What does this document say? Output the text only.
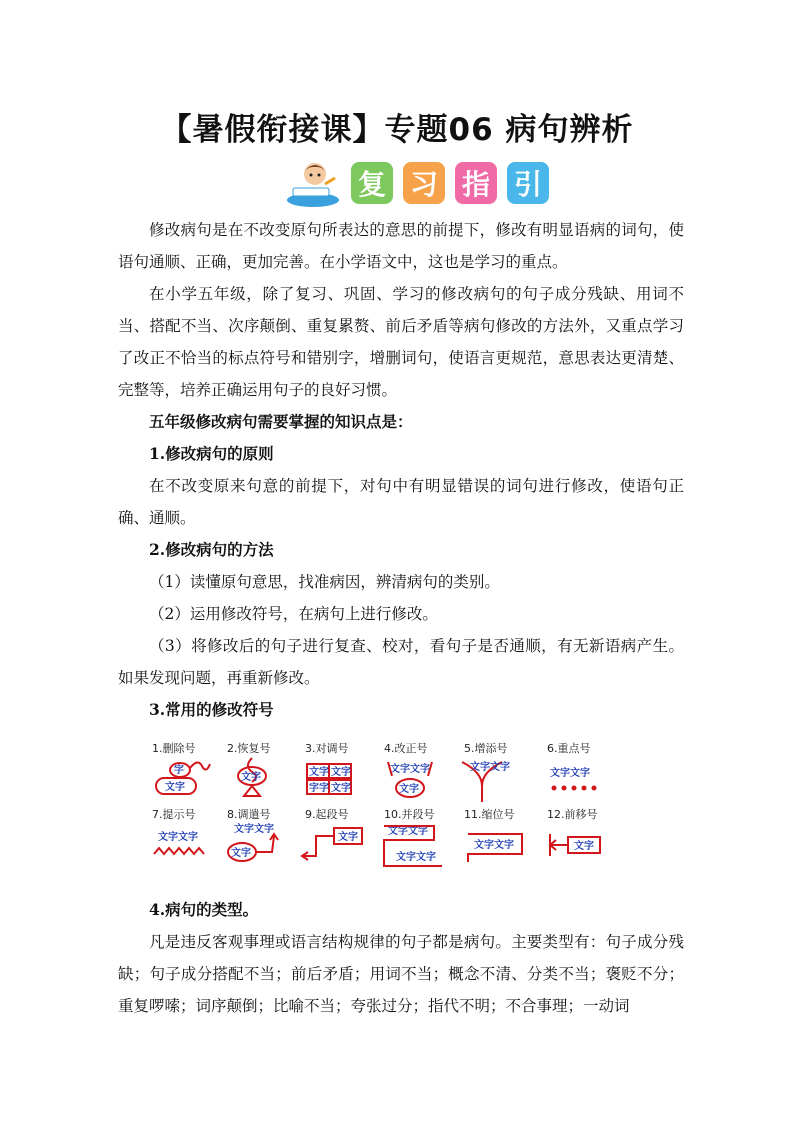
【暑假衔接课】专题06 病句辨析
复 习 指 引
修改病句是在不改变原句所表达的意思的前提下，修改有明显语病的词句，使语句通顺、正确，更加完善。在小学语文中，这也是学习的重点。
在小学五年级，除了复习、巩固、学习的修改病句的句子成分残缺、用词不当、搭配不当、次序颠倒、重复累赘、前后矛盾等病句修改的方法外，又重点学习了改正不恰当的标点符号和错别字，增删词句，使语言更规范，意思表达更清楚、完整等，培养正确运用句子的良好习惯。
五年级修改病句需要掌握的知识点是：
1.修改病句的原则
在不改变原来句意的前提下，对句中有明显错误的词句进行修改，使语句正确、通顺。
2.修改病句的方法
（1）读懂原句意思，找准病因，辨清病句的类别。
（2）运用修改符号，在病句上进行修改。
（3）将修改后的句子进行复查、校对，看句子是否通顺，有无新语病产生。如果发现问题，再重新修改。
3.常用的修改符号
1.删除号	2.恢复号	3.对调号	4.改正号	5.增添号	6.重点号
文字
字
文字	文字 文字
字字 文字
文字文字
文字
文字文字
文字文字
7.提示号	8.调遣号	9.起段号	10.并段号	11.缩位号	12.前移号
文字文字
文字文字
文字
文字
文字文字
文字文字
文字文字	文字
4.病句的类型。
凡是违反客观事理或语言结构规律的句子都是病句。主要类型有：句子成分残缺；句子成分搭配不当；前后矛盾；用词不当；概念不清、分类不当；褒贬不分；重复啰嗦；词序颠倒；比喻不当；夸张过分；指代不明；不合事理；一动词
